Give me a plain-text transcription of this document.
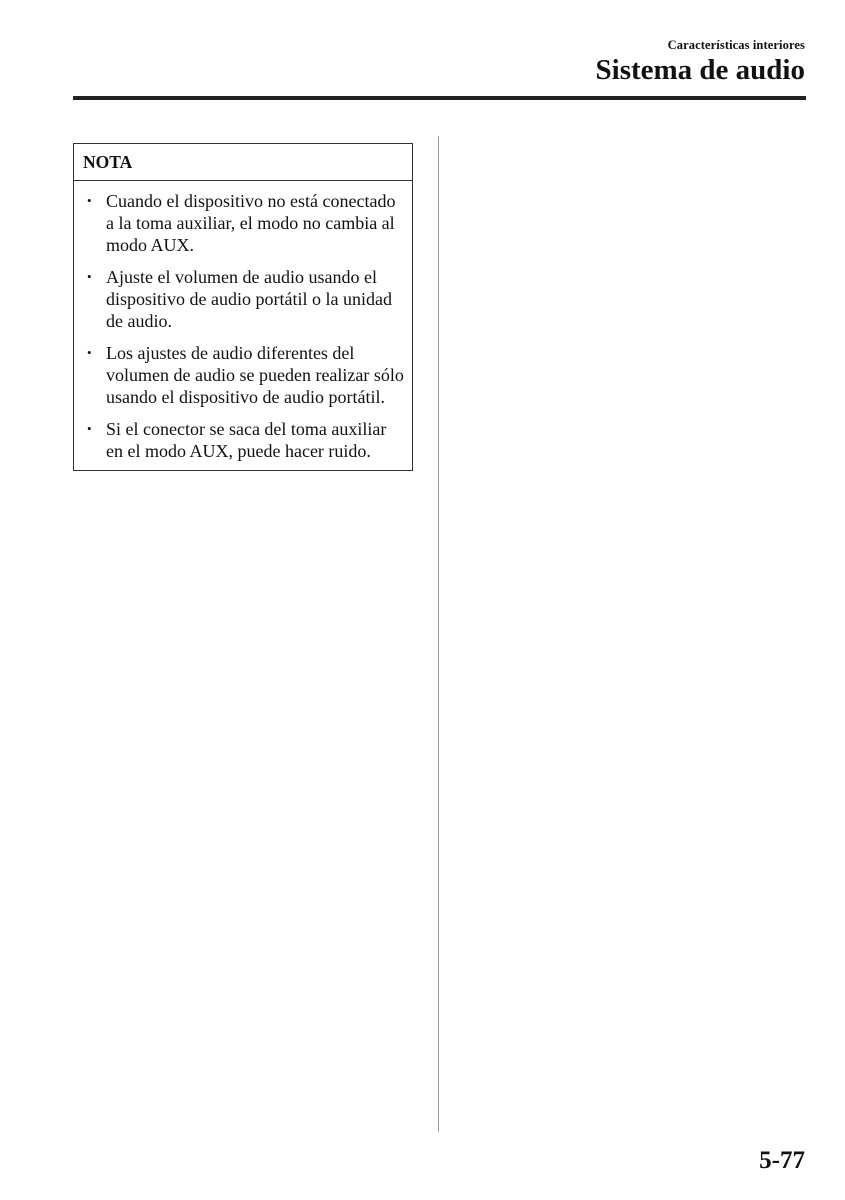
Características interiores
Sistema de audio
NOTA
• Cuando el dispositivo no está conectado a la toma auxiliar, el modo no cambia al modo AUX.
• Ajuste el volumen de audio usando el dispositivo de audio portátil o la unidad de audio.
• Los ajustes de audio diferentes del volumen de audio se pueden realizar sólo usando el dispositivo de audio portátil.
• Si el conector se saca del toma auxiliar en el modo AUX, puede hacer ruido.
5-77
